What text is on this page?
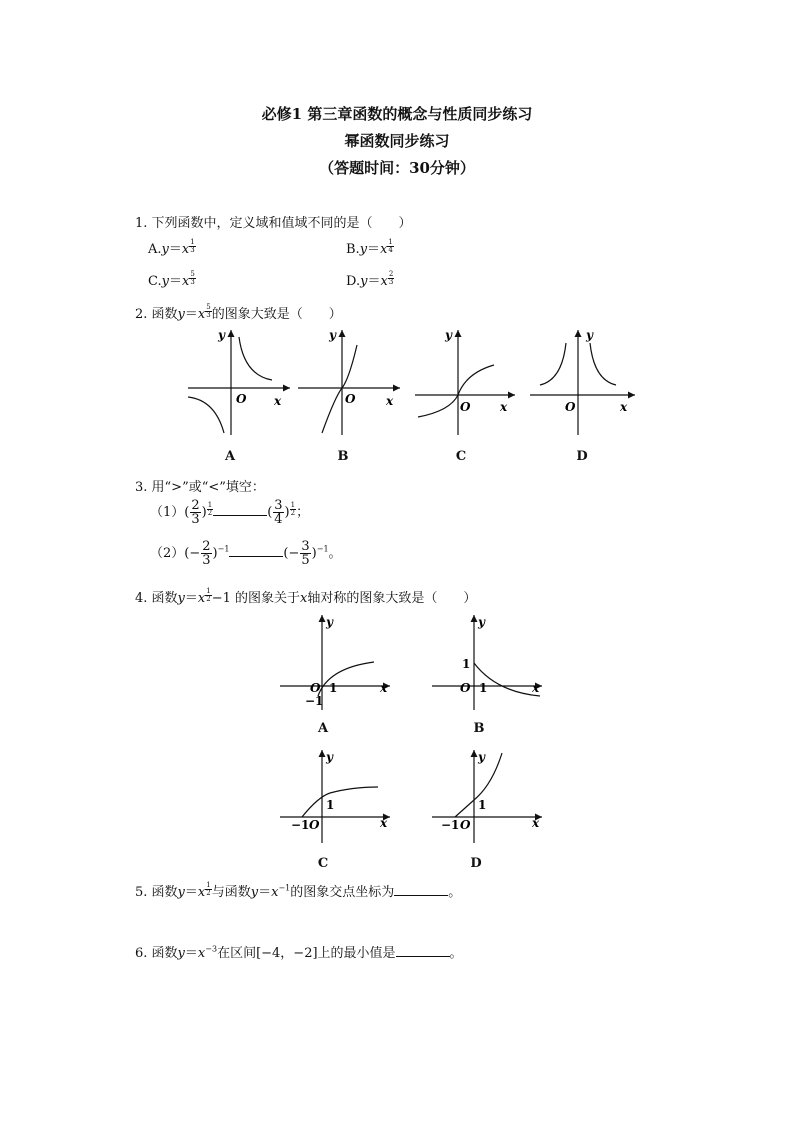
必修1 第三章函数的概念与性质同步练习
幂函数同步练习
（答题时间：30分钟）
1. 下列函数中，定义域和值域不同的是（　　）
$A.y=x \frac{1}{3}$	$B.y=x \frac{1}{4}$
$C.y=x \frac{5}{3}$	$D.y=x \frac{2}{3}$
2. 函数$y=x \frac{5}{3}$ 的图象大致是（　　）
y
O x
y
O	x
y
O x
y
O	x
A	B	C	D
3. 用“>”或“<”填空：
$(1)( \frac{2}{3}$ ) $\frac{1}{2}$	( $\frac{3}{4}$ ) $\frac{1}{2}$ ；
$(2)(- \frac{2}{3} )^{-1}$	(− $\frac{3}{5} )^{-1}$。
4. 函数$y=x \frac{1}{2} -1$ 的图象关于x轴对称的图象大致是（　　）
O 1
−1
x
y
1
O 1	x
y
A	B
1
−1 O	x
y
1
−1 O	x
y
C	D
5. 函数$y=x \frac{1}{2}$ 与函数$y=x^{-1}$的图象交点坐标为	。
6. 函数$y=x^{-3}$在区间[−4，−2]上的最小值是	。
